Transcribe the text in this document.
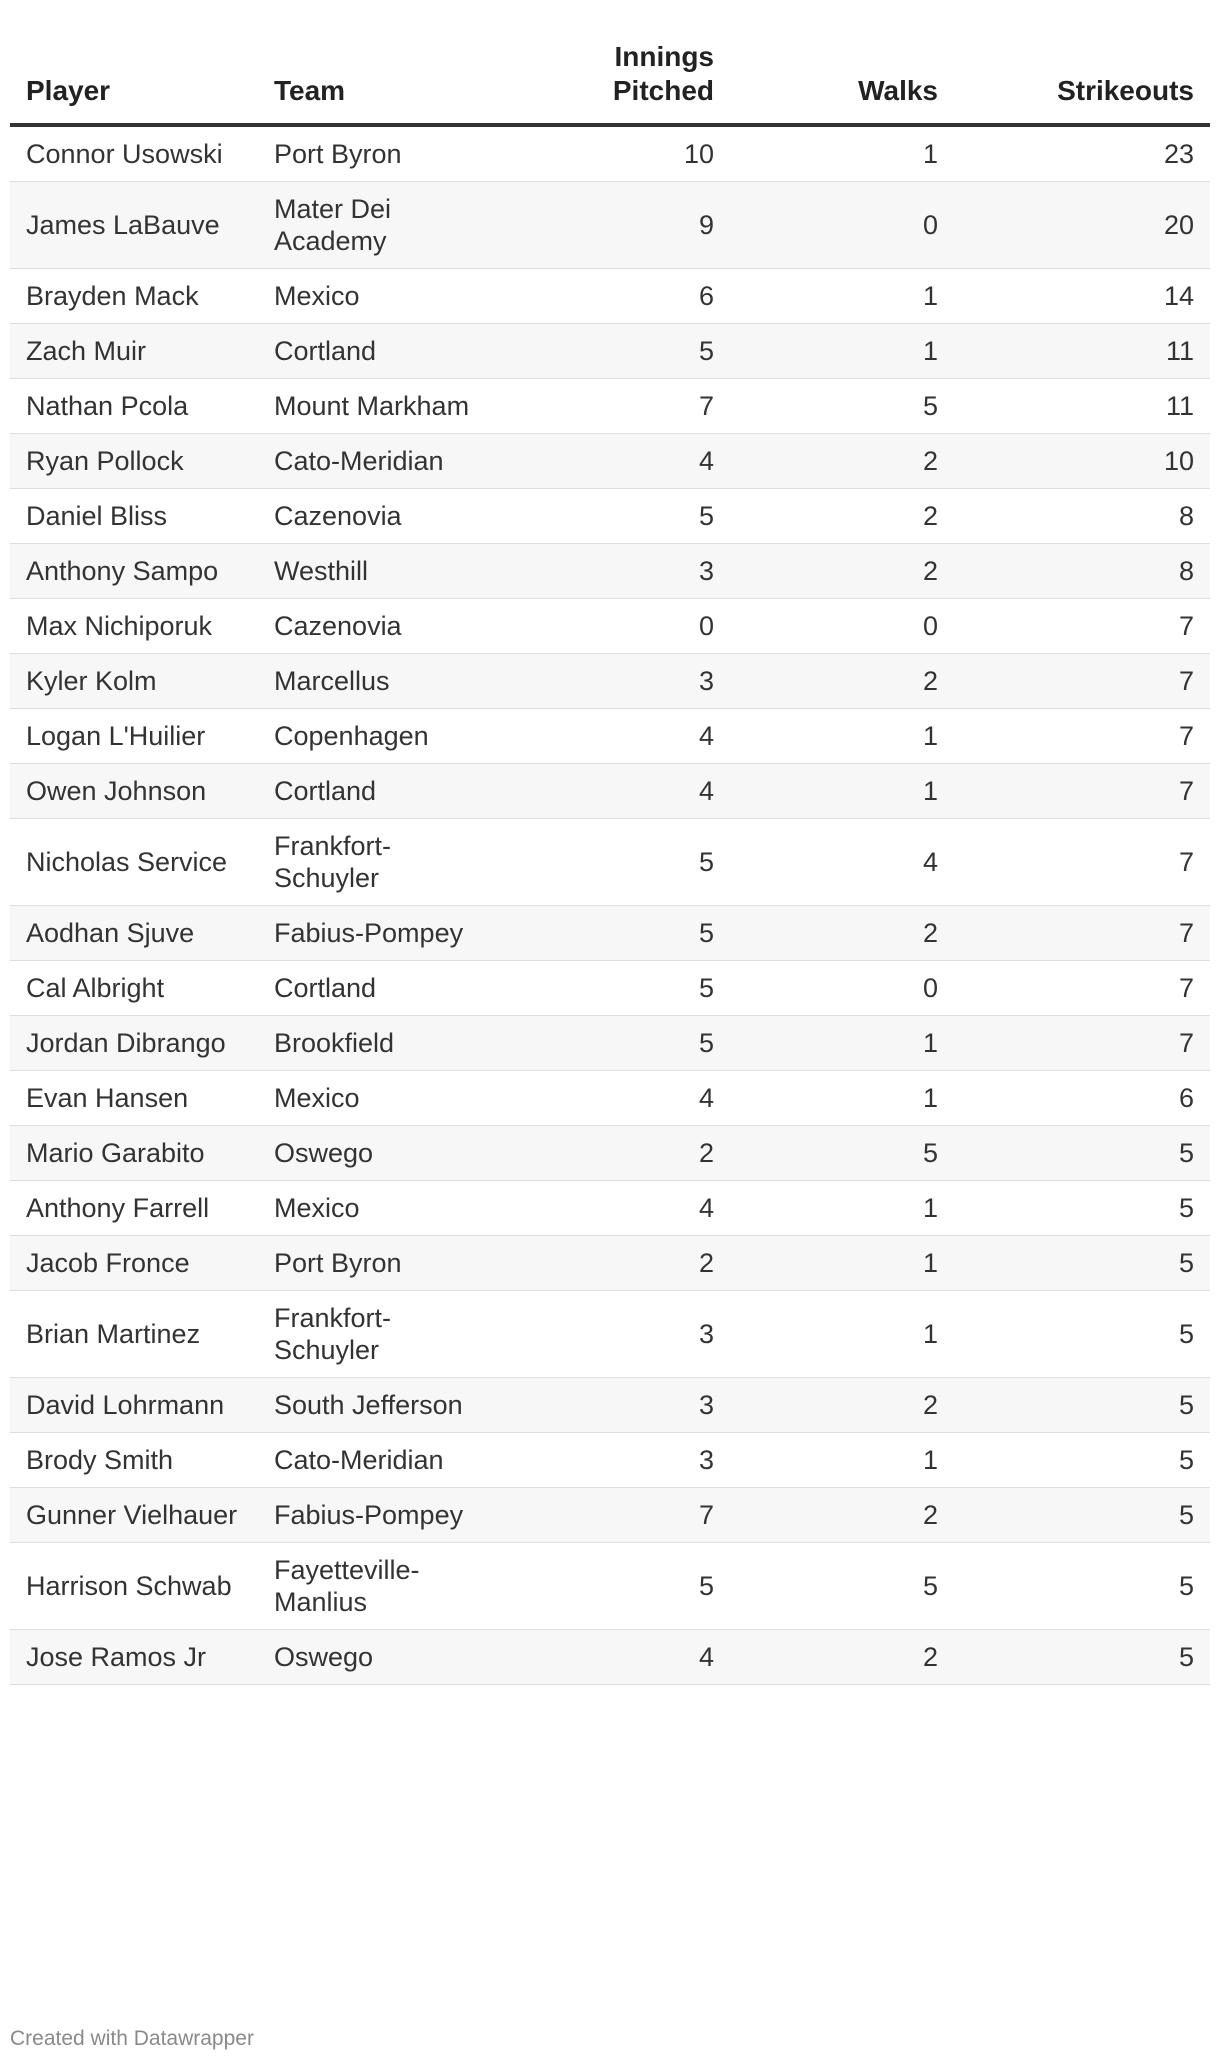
Player	Team	Innings Pitched	Walks	Strikeouts
Connor Usowski	Port Byron	10	1	23
James LaBauve	Mater Dei Academy	9	0	20
Brayden Mack	Mexico	6	1	14
Zach Muir	Cortland	5	1	11
Nathan Pcola	Mount Markham	7	5	11
Ryan Pollock	Cato-Meridian	4	2	10
Daniel Bliss	Cazenovia	5	2	8
Anthony Sampo	Westhill	3	2	8
Max Nichiporuk	Cazenovia	0	0	7
Kyler Kolm	Marcellus	3	2	7
Logan L'Huilier	Copenhagen	4	1	7
Owen Johnson	Cortland	4	1	7
Nicholas Service	Frankfort-Schuyler	5	4	7
Aodhan Sjuve	Fabius-Pompey	5	2	7
Cal Albright	Cortland	5	0	7
Jordan Dibrango	Brookfield	5	1	7
Evan Hansen	Mexico	4	1	6
Mario Garabito	Oswego	2	5	5
Anthony Farrell	Mexico	4	1	5
Jacob Fronce	Port Byron	2	1	5
Brian Martinez	Frankfort-Schuyler	3	1	5
David Lohrmann	South Jefferson	3	2	5
Brody Smith	Cato-Meridian	3	1	5
Gunner Vielhauer	Fabius-Pompey	7	2	5
Harrison Schwab	Fayetteville-Manlius	5	5	5
Jose Ramos Jr	Oswego	4	2	5
Created with Datawrapper
